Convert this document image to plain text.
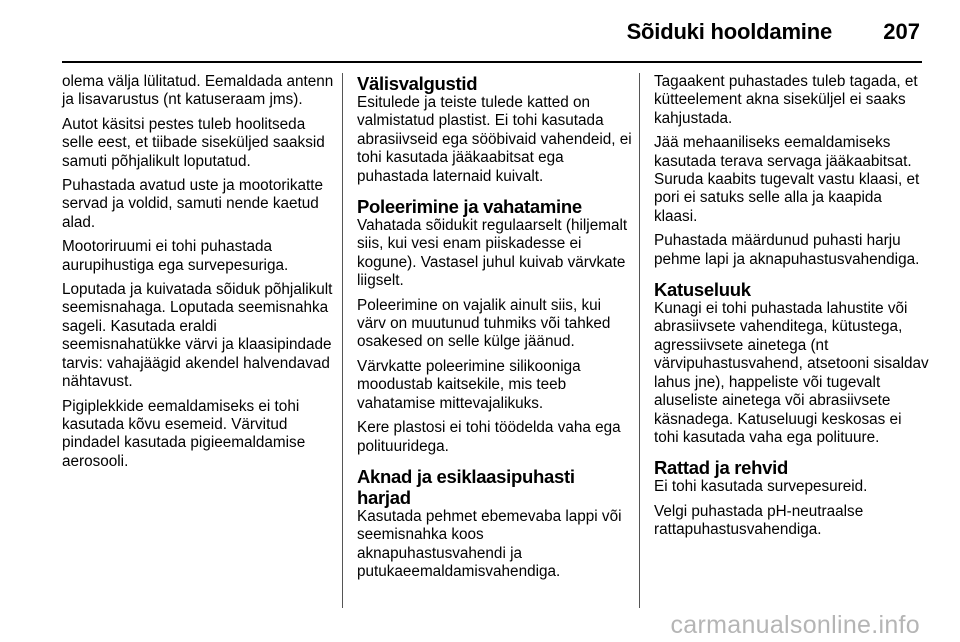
Sõiduki hooldamine 207

olema välja lülitatud. Eemaldada antenn ja lisavarustus (nt katuseraam jms).

Autot käsitsi pestes tuleb hoolitseda selle eest, et tiibade siseküljed saaksid samuti põhjalikult loputatud.

Puhastada avatud uste ja mootorikatte servad ja voldid, samuti nende kaetud alad.

Mootoriruumi ei tohi puhastada aurupihustiga ega survepesuriga.

Loputada ja kuivatada sõiduk põhjalikult seemisnahaga. Loputada seemisnahka sageli. Kasutada eraldi seemisnahatükke värvi ja klaasipindade tarvis: vahajäägid akendel halvendavad nähtavust.

Pigiplekkide eemaldamiseks ei tohi kasutada kõvu esemeid. Värvitud pindadel kasutada pigieemaldamise aerosooli.

Välisvalgustid

Esitulede ja teiste tulede katted on valmistatud plastist. Ei tohi kasutada abrasiivseid ega sööbivaid vahendeid, ei tohi kasutada jääkaabitsat ega puhastada laternaid kuivalt.

Poleerimine ja vahatamine

Vahatada sõidukit regulaarselt (hiljemalt siis, kui vesi enam piiskadesse ei kogune). Vastasel juhul kuivab värvkate liigselt.

Poleerimine on vajalik ainult siis, kui värv on muutunud tuhmiks või tahked osakesed on selle külge jäänud.

Värvkatte poleerimine silikooniga moodustab kaitsekile, mis teeb vahatamise mittevajalikuks.

Kere plastosi ei tohi töödelda vaha ega polituuridega.

Aknad ja esiklaasipuhasti harjad

Kasutada pehmet ebemevaba lappi või seemisnahka koos aknapuhastusvahendi ja putukaeemaldamisvahendiga.

Tagaakent puhastades tuleb tagada, et kütteelement akna siseküljel ei saaks kahjustada.

Jää mehaaniliseks eemaldamiseks kasutada terava servaga jääkaabitsat. Suruda kaabits tugevalt vastu klaasi, et pori ei satuks selle alla ja kaapida klaasi.

Puhastada määrdunud puhasti harju pehme lapi ja aknapuhastusvahendiga.

Katuseluuk

Kunagi ei tohi puhastada lahustite või abrasiivsete vahenditega, kütustega, agressiivsete ainetega (nt värvipuhastusvahend, atsetooni sisaldav lahus jne), happeliste või tugevalt aluseliste ainetega või abrasiivsete käsnadega. Katuseluugi keskosas ei tohi kasutada vaha ega polituure.

Rattad ja rehvid

Ei tohi kasutada survepesureid.

Velgi puhastada pH-neutraalse rattapuhastusvahendiga.

carmanualsonline.info
